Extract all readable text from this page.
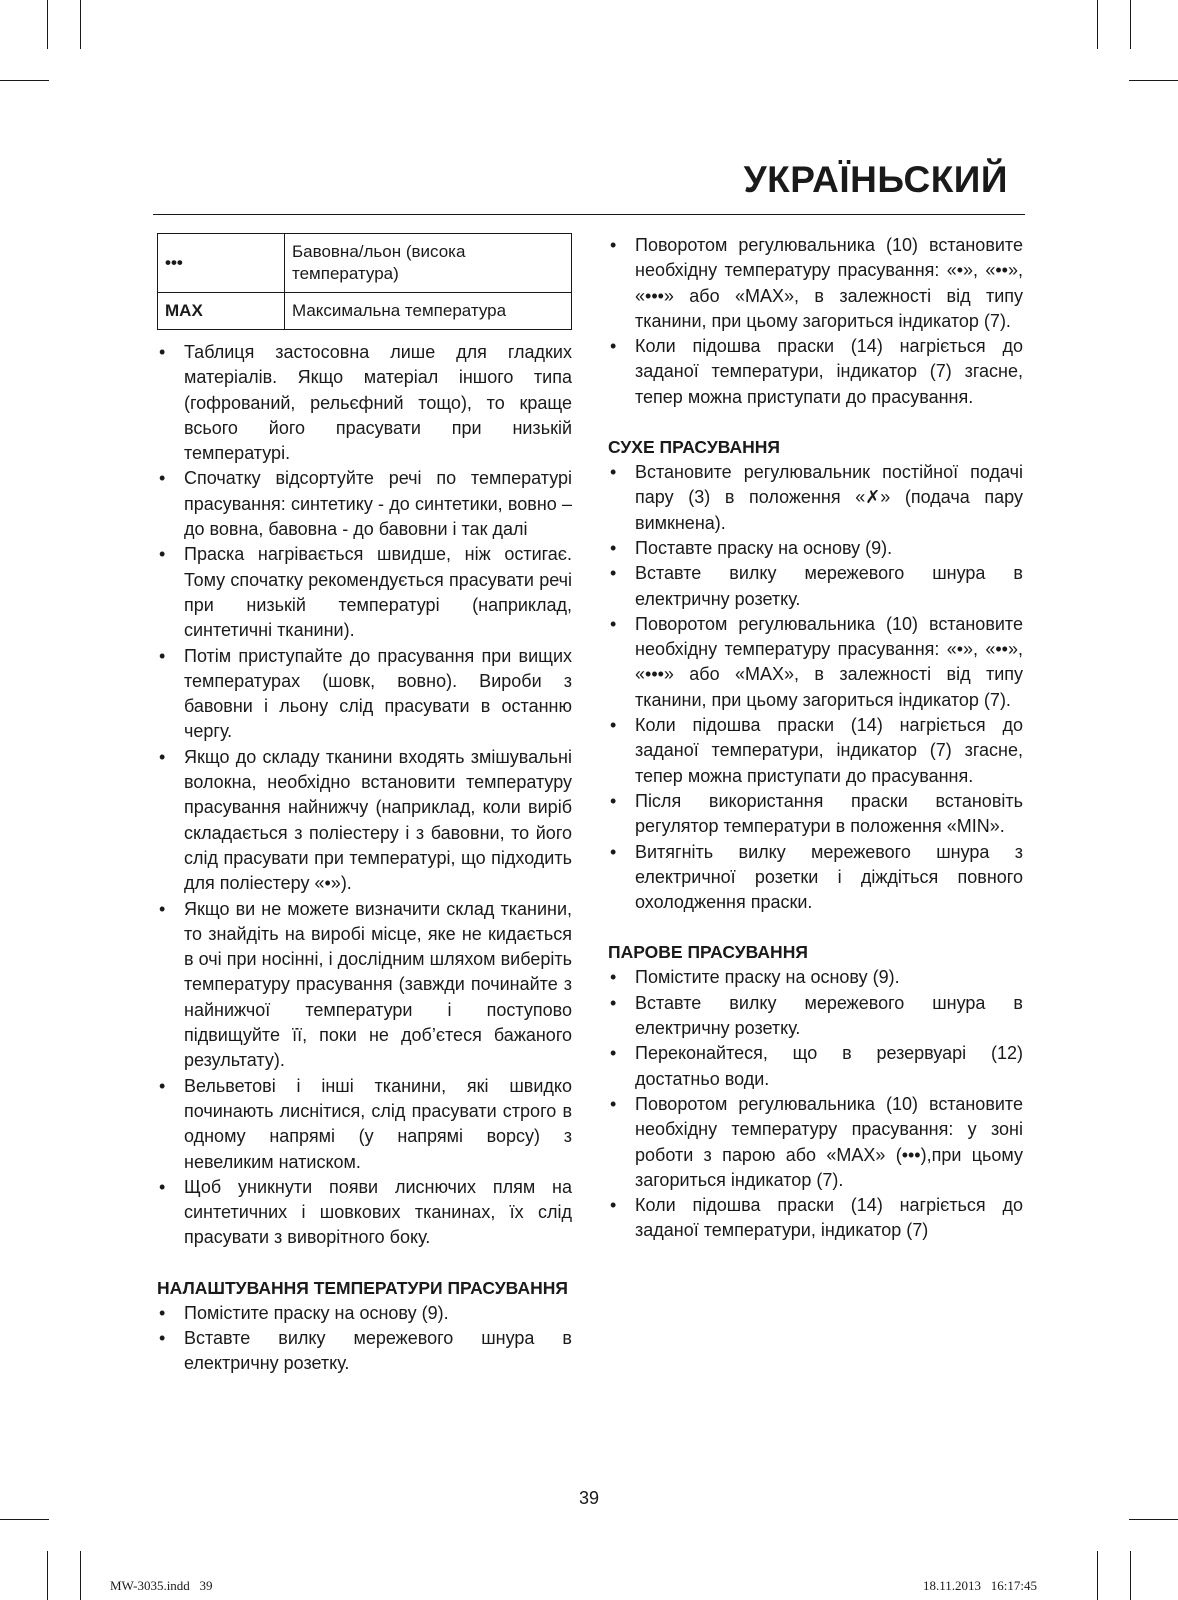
УКРАЇНЬСКИЙ
•••	Бавовна/льон (висока температура)
MAX	Максимальна температура
• Таблиця застосовна лише для гладких матеріалів. Якщо матеріал іншого типа (гофрований, рельєфний тощо), то краще всього його прасувати при низькій температурі.
• Спочатку відсортуйте речі по температурі прасування: синтетику - до синтетики, вовно – до вовна, бавовна - до бавовни і так далі
• Праска нагрівається швидше, ніж остигає. Тому спочатку рекомендується прасувати речі при низькій температурі (наприклад, синтетичні тканини).
• Потім приступайте до прасування при вищих температурах (шовк, вовно). Вироби з бавовни і льону слід прасувати в останню чергу.
• Якщо до складу тканини входять змішувальні волокна, необхідно встановити температуру прасування найнижчу (наприклад, коли виріб складається з поліестеру і з бавовни, то його слід прасувати при температурі, що підходить для поліестеру «•»).
• Якщо ви не можете визначити склад тканини, то знайдіть на виробі місце, яке не кидається в очі при носінні, і дослідним шляхом виберіть температуру прасування (завжди починайте з найнижчої температури і поступово підвищуйте її, поки не доб’єтеся бажаного результату).
• Вельветові і інші тканини, які швидко починають лиснітися, слід прасувати строго в одному напрямі (у напрямі ворсу) з невеликим натиском.
• Щоб уникнути появи лиснючих плям на синтетичних і шовкових тканинах, їх слід прасувати з виворітного боку.
НАЛАШТУВАННЯ ТЕМПЕРАТУРИ ПРАСУВАННЯ
• Помістите праску на основу (9).
• Вставте вилку мережевого шнура в електричну розетку.
• Поворотом регулювальника (10) встановите необхідну температуру прасування: «•», «••», «•••» або «MAX», в залежності від типу тканини, при цьому загориться індикатор (7).
• Коли підошва праски (14) нагріється до заданої температури, індикатор (7) згасне, тепер можна приступати до прасування.
СУХЕ ПРАСУВАННЯ
• Встановите регулювальник постійної подачі пару (3) в положення «✗» (подача пару вимкнена).
• Поставте праску на основу (9).
• Вставте вилку мережевого шнура в електричну розетку.
• Поворотом регулювальника (10) встановите необхідну температуру прасування: «•», «••», «•••» або «MAX», в залежності від типу тканини, при цьому загориться індикатор (7).
• Коли підошва праски (14) нагріється до заданої температури, індикатор (7) згасне, тепер можна приступати до прасування.
• Після використання праски встановіть регулятор температури в положення «MIN».
• Витягніть вилку мережевого шнура з електричної розетки і дiждiться повного охолодження праски.
ПАРОВЕ ПРАСУВАННЯ
• Помістите праску на основу (9).
• Вставте вилку мережевого шнура в електричну розетку.
• Переконайтеся, що в резервуарі (12) достатньо води.
• Поворотом регулювальника (10) встановите необхідну температуру прасування: у зоні роботи з парою або «MAX» (•••),при цьому загориться індикатор (7).
• Коли підошва праски (14) нагріється до заданої температури, індикатор (7)
39
MW-3035.indd   39	18.11.2013   16:17:45
